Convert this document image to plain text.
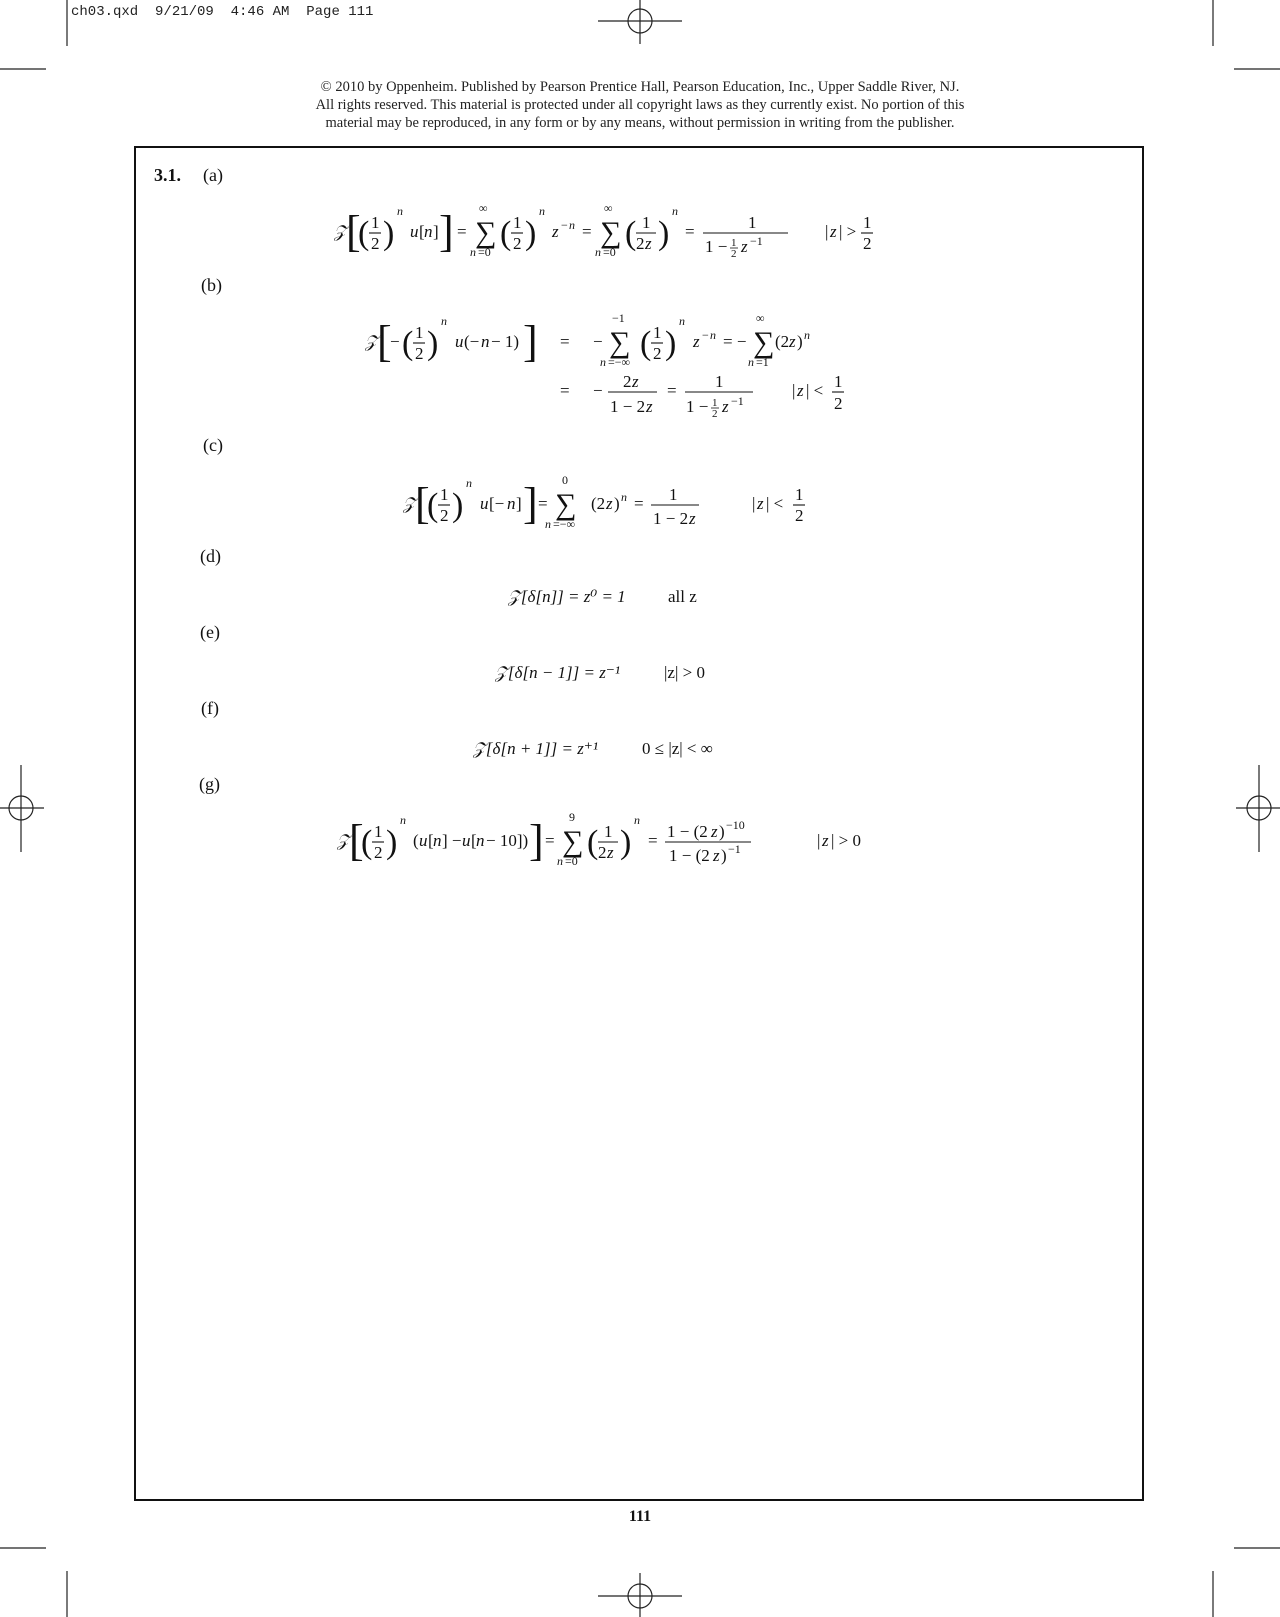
ch03.qxd  9/21/09  4:46 AM  Page 111
© 2010 by Oppenheim. Published by Pearson Prentice Hall, Pearson Education, Inc., Upper Saddle River, NJ.
All rights reserved. This material is protected under all copyright laws as they currently exist. No portion of this
material may be reproduced, in any form or by any means, without permission in writing from the publisher.
3.1. (a)
(b)
(c)
(d)
(e)
(f)
(g)
𝒵 [
( 1
2 )
n
u [ n ] ] = ∑
∞
n =0 ( 1
2 )
n
z − n = ∑
∞
n =0 ( 1
2 z )
n
=	1
1 − 1
2 z −1	| z | > 1
2
𝒵 [
− ( 1
2 )
n
u (− n − 1) ] = − ∑
−1
n =−∞ ( 1
2 )
n
z − n = − ∑
∞
n =1
(2 z ) n
= − 2 z
1 − 2 z
= 1
1 − 1
2 z −1
| z | < 1
2
𝒵 [
( 1
2 )
n
u [− n ] ] = ∑
0
n =−∞
(2 z ) n = 1
1 − 2 z
| z | < 1
2
𝒵[δ[n]] = z⁰ = 1 all z
𝒵[δ[n − 1]] = z⁻¹	|z| > 0
𝒵[δ[n + 1]] = z⁺¹	0 ≤ |z| < ∞
𝒵 [
( 1
2 )
n
( u [ n ] − u [ n − 10]) ] = ∑
9
n =0 ( 1
2 z )
n
= 1 − (2 z ) −10
1 − (2 z ) −1	| z | > 0
111
